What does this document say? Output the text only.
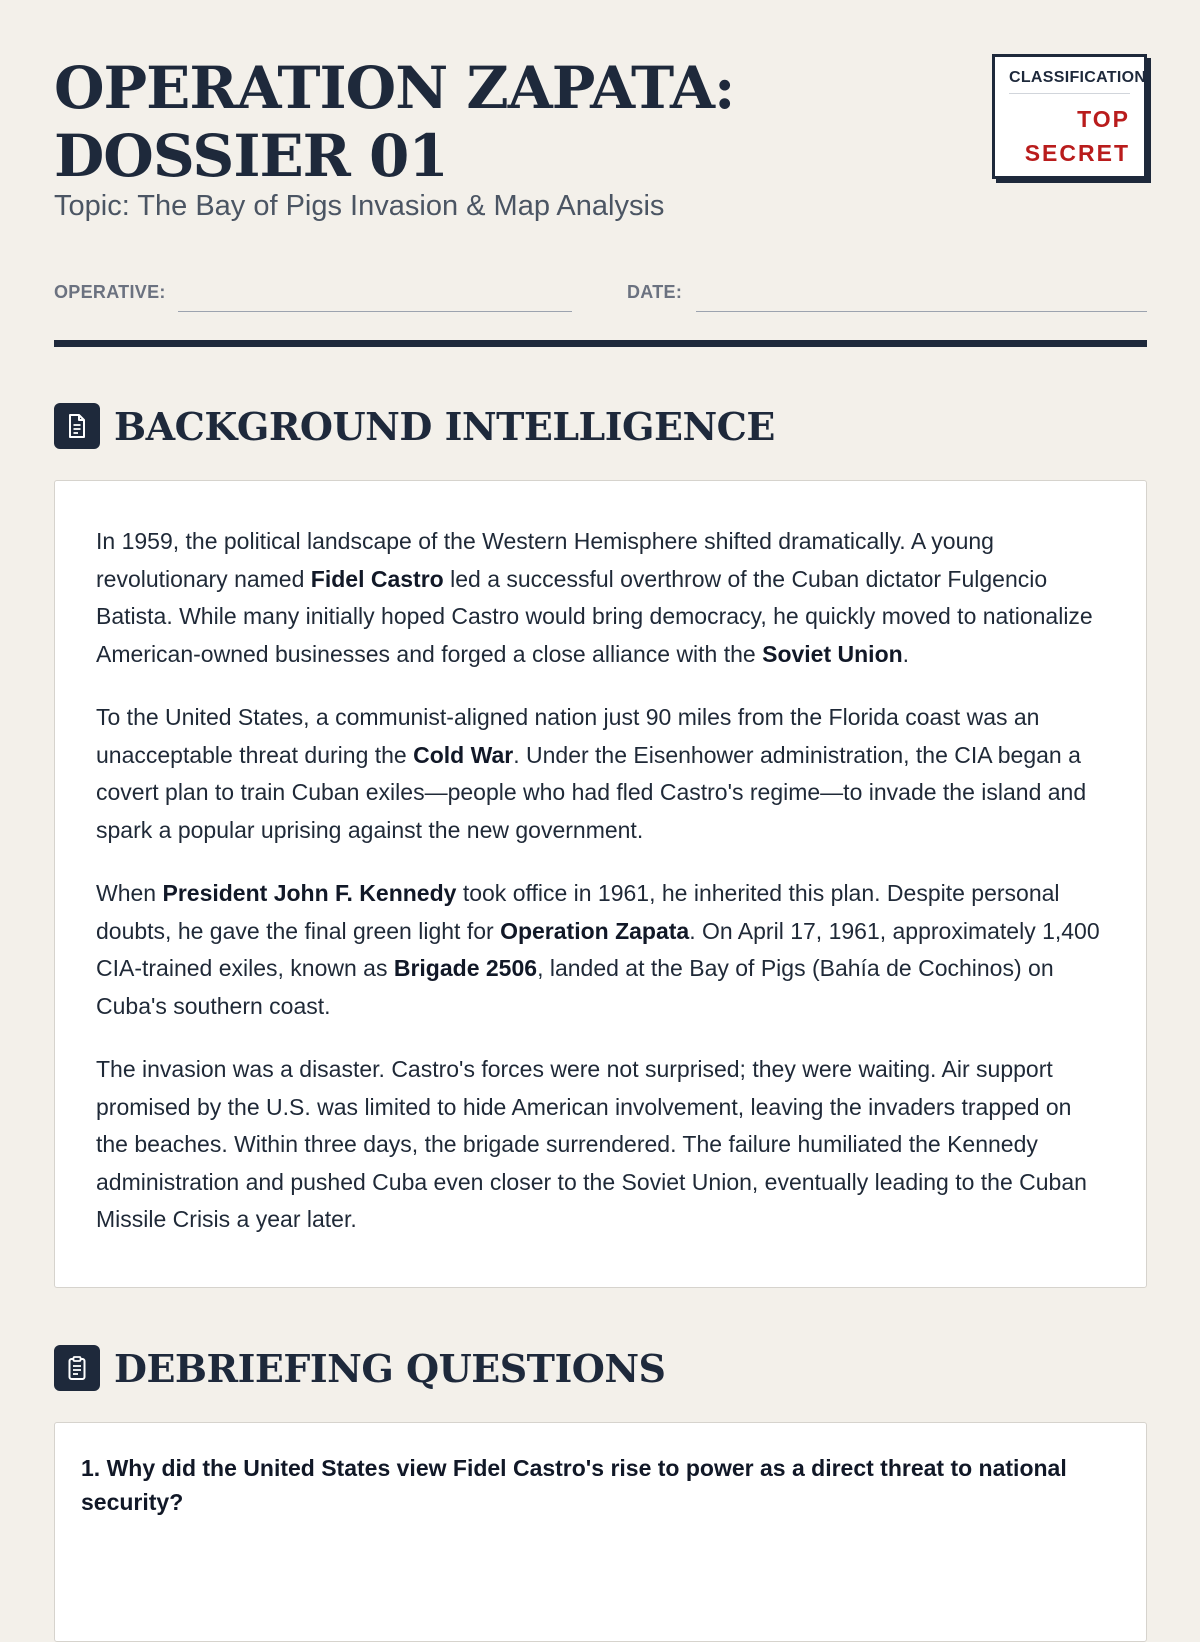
OPERATION ZAPATA: DOSSIER 01

Topic: The Bay of Pigs Invasion & Map Analysis

CLASSIFICATION
TOP SECRET
OPERATIVE:	DATE:
BACKGROUND INTELLIGENCE

In 1959, the political landscape of the Western Hemisphere shifted dramatically. A young revolutionary named Fidel Castro led a successful overthrow of the Cuban dictator Fulgencio Batista. While many initially hoped Castro would bring democracy, he quickly moved to nationalize American-owned businesses and forged a close alliance with the Soviet Union.

To the United States, a communist-aligned nation just 90 miles from the Florida coast was an unacceptable threat during the Cold War. Under the Eisenhower administration, the CIA began a covert plan to train Cuban exiles—people who had fled Castro's regime—to invade the island and spark a popular uprising against the new government.

When President John F. Kennedy took office in 1961, he inherited this plan. Despite personal doubts, he gave the final green light for Operation Zapata. On April 17, 1961, approximately 1,400 CIA-trained exiles, known as Brigade 2506, landed at the Bay of Pigs (Bahía de Cochinos) on Cuba's southern coast.

The invasion was a disaster. Castro's forces were not surprised; they were waiting. Air support promised by the U.S. was limited to hide American involvement, leaving the invaders trapped on the beaches. Within three days, the brigade surrendered. The failure humiliated the Kennedy administration and pushed Cuba even closer to the Soviet Union, eventually leading to the Cuban Missile Crisis a year later.

DEBRIEFING QUESTIONS

1. Why did the United States view Fidel Castro's rise to power as a direct threat to national security?
